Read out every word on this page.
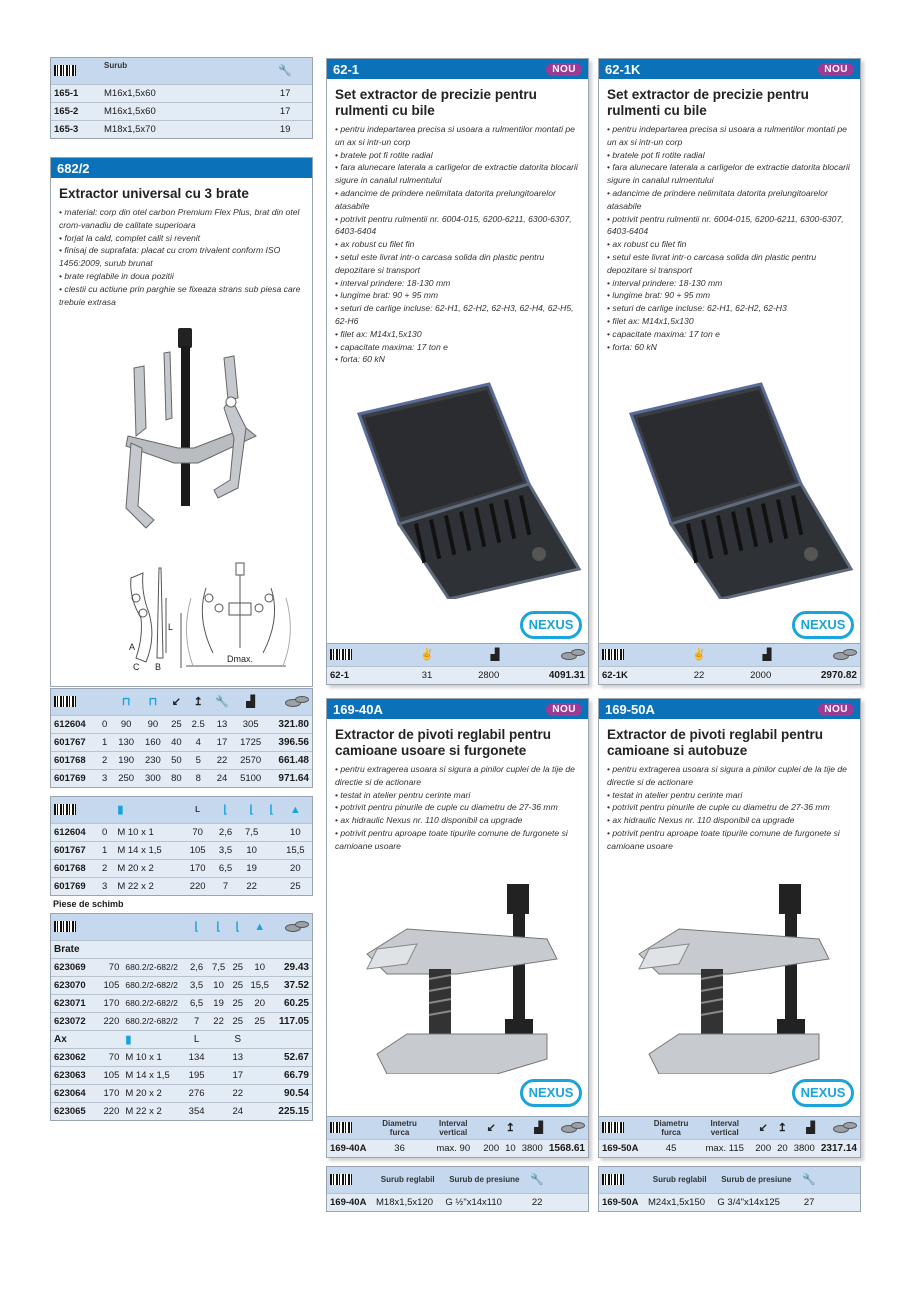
	Surub	🔧
165-1	M16x1,5x60	17
165-2	M16x1,5x60	17
165-3	M18x1,5x70	19
682/2
Extractor universal cu 3 brate
• material: corp din otel carbon Premium Flex Plus, brat din otel crom-vanadiu de calitate superioara
• forjat la cald, complet calit si revenit
• finisaj de suprafata: placat cu crom trivalent conform ISO 1456:2009, surub brunat
• brate reglabile in doua pozitii
• clestii cu actiune prin parghie se fixeaza strans sub piesa care trebuie extrasa
L
A
C B
Dmax.
		⊓	⊓	↙	↥	🔧	▟	
612604	0	90	90	25	2.5	13	305	321.80
601767	1	130	160	40	4	17	1725	396.56
601768	2	190	230	50	5	22	2570	661.48
601769	3	250	300	80	8	24	5100	971.64
		▮	L	⌊	⌊	⌊	▲
612604	0	M 10 x 1	70	2,6	7,5		10
601767	1	M 14 x 1,5	105	3,5	10		15,5
601768	2	M 20 x 2	170	6,5	19		20
601769	3	M 22 x 2	220	7	22		25
Piese de schimb
			⌊	⌊	⌊	▲	
Brate							
623069	70	680.2/2-682/2	2,6	7,5	25	10	29.43
623070	105	680.2/2-682/2	3,5	10	25	15,5	37.52
623071	170	680.2/2-682/2	6,5	19	25	20	60.25
623072	220	680.2/2-682/2	7	22	25	25	117.05
Ax		▮	L		S		
623062	70	M 10 x 1	134		13		52.67
623063	105	M 14 x 1,5	195		17		66.79
623064	170	M 20 x 2	276		22		90.54
623065	220	M 22 x 2	354		24		225.15
62-1	NOU
Set extractor de precizie pentru rulmenti cu bile
• pentru indepartarea precisa si usoara a rulmentilor montati pe un ax si intr-un corp
• bratele pot fi rotite radial
• fara alunecare laterala a carligelor de extractie datorita blocarii sigure in canalul rulmentului
• adancime de prindere nelimitata datorita prelungitoarelor atasabile
• potrivit pentru rulmentii nr. 6004-015, 6200-6211, 6300-6307, 6403-6404
• ax robust cu filet fin
• setul este livrat intr-o carcasa solida din plastic pentru depozitare si transport
• interval prindere: 18-130 mm
• lungime brat: 90 + 95 mm
• seturi de carlige incluse: 62-H1, 62-H2, 62-H3, 62-H4, 62-H5, 62-H6
• filet ax: M14x1,5x130
• capacitate maxima: 17 ton e
• forta: 60 kN
NEXUS
	✌	▟	
62-1	31	2800	4091.31
62-1K	NOU
Set extractor de precizie pentru rulmenti cu bile
• pentru indepartarea precisa si usoara a rulmentilor montati pe un ax si intr-un corp
• bratele pot fi rotite radial
• fara alunecare laterala a carligelor de extractie datorita blocarii sigure in canalul rulmentului
• adancime de prindere nelimitata datorita prelungitoarelor atasabile
• potrivit pentru rulmentii nr. 6004-015, 6200-6211, 6300-6307, 6403-6404
• ax robust cu filet fin
• setul este livrat intr-o carcasa solida din plastic pentru depozitare si transport
• interval prindere: 18-130 mm
• lungime brat: 90 + 95 mm
• seturi de carlige incluse: 62-H1, 62-H2, 62-H3
• filet ax: M14x1,5x130
• capacitate maxima: 17 ton e
• forta: 60 kN
NEXUS
	✌	▟	
62-1K	22	2000	2970.82
169-40A	NOU
Extractor de pivoti reglabil pentru camioane usoare si furgonete
• pentru extragerea usoara si sigura a pinilor cuplei de la tije de directie si de actionare
• testat in atelier pentru cerinte mari
• potrivit pentru pinurile de cuple cu diametru de 27-36 mm
• ax hidraulic Nexus nr. 110 disponibil ca upgrade
• potrivit pentru aproape toate tipurile comune de furgonete si camioane usoare
NEXUS
	Diametru furca	Interval vertical	↙	↥	▟	
169-40A	36	max. 90	200	10	3800	1568.61
	Surub reglabil	Surub de presiune	🔧	
169-40A	M18x1,5x120	G ½"x14x110	22	
169-50A	NOU
Extractor de pivoti reglabil pentru camioane si autobuze
• pentru extragerea usoara si sigura a pinilor cuplei de la tije de directie si de actionare
• testat in atelier pentru cerinte mari
• potrivit pentru pinurile de cuple cu diametru de 27-36 mm
• ax hidraulic Nexus nr. 110 disponibil ca upgrade
• potrivit pentru aproape toate tipurile comune de furgonete si camioane usoare
NEXUS
	Diametru furca	Interval vertical	↙	↥	▟	
169-50A	45	max. 115	200	20	3800	2317.14
	Surub reglabil	Surub de presiune	🔧	
169-50A	M24x1,5x150	G 3/4"x14x125	27	
